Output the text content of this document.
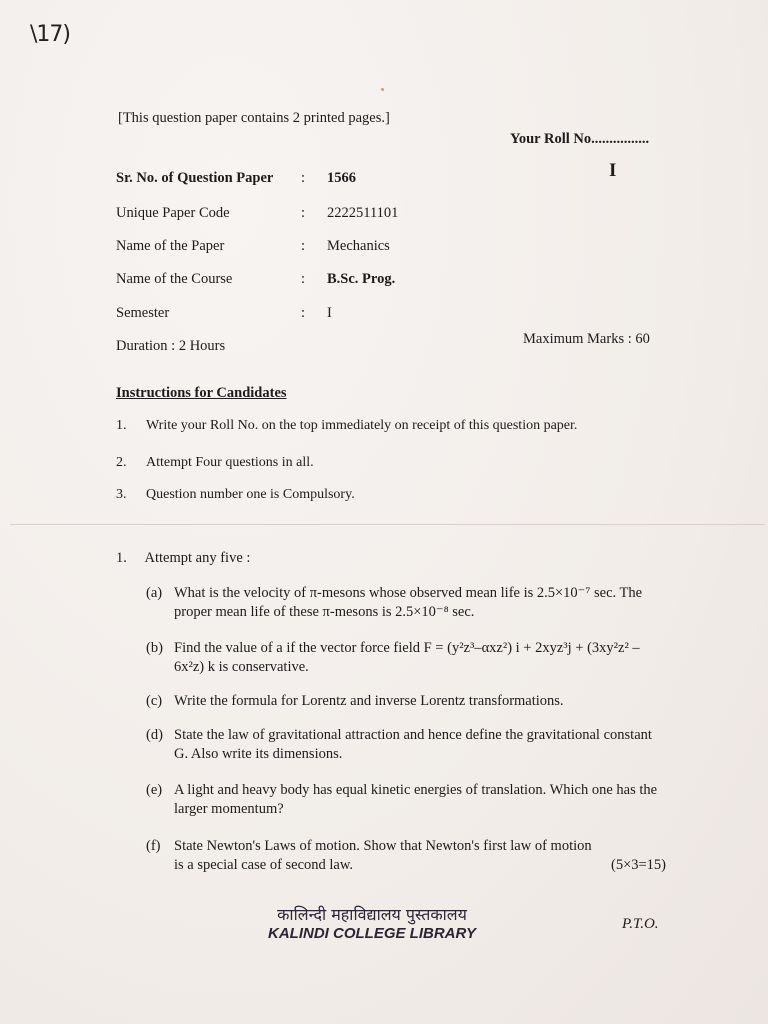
\17)
[This question paper contains 2 printed pages.]
Your Roll No................
I
Sr. No. of Question Paper : 1566
Unique Paper Code	: 2222511101
Name of the Paper	: Mechanics
Name of the Course	: B.Sc. Prog.
Semester	: I
Duration : 2 Hours	Maximum Marks : 60
Instructions for Candidates
1. Write your Roll No. on the top immediately on receipt of this question paper.
2. Attempt Four questions in all.
3. Question number one is Compulsory.
1. Attempt any five :
(a) What is the velocity of π-mesons whose observed mean life is 2.5×10⁻⁷ sec. The proper mean life of these π-mesons is 2.5×10⁻⁸ sec.
(b) Find the value of a if the vector force field F = (y²z³–αxz²) i + 2xyz³j + (3xy²z² – 6x²z) k is conservative.
(c) Write the formula for Lorentz and inverse Lorentz transformations.
(d) State the law of gravitational attraction and hence define the gravitational constant G. Also write its dimensions.
(e) A light and heavy body has equal kinetic energies of translation. Which one has the larger momentum?
(f) State Newton's Laws of motion. Show that Newton's first law of motion is a special case of second law.	(5×3=15)
कालिन्दी महाविद्यालय पुस्तकालय
KALINDI COLLEGE LIBRARY
P.T.O.
